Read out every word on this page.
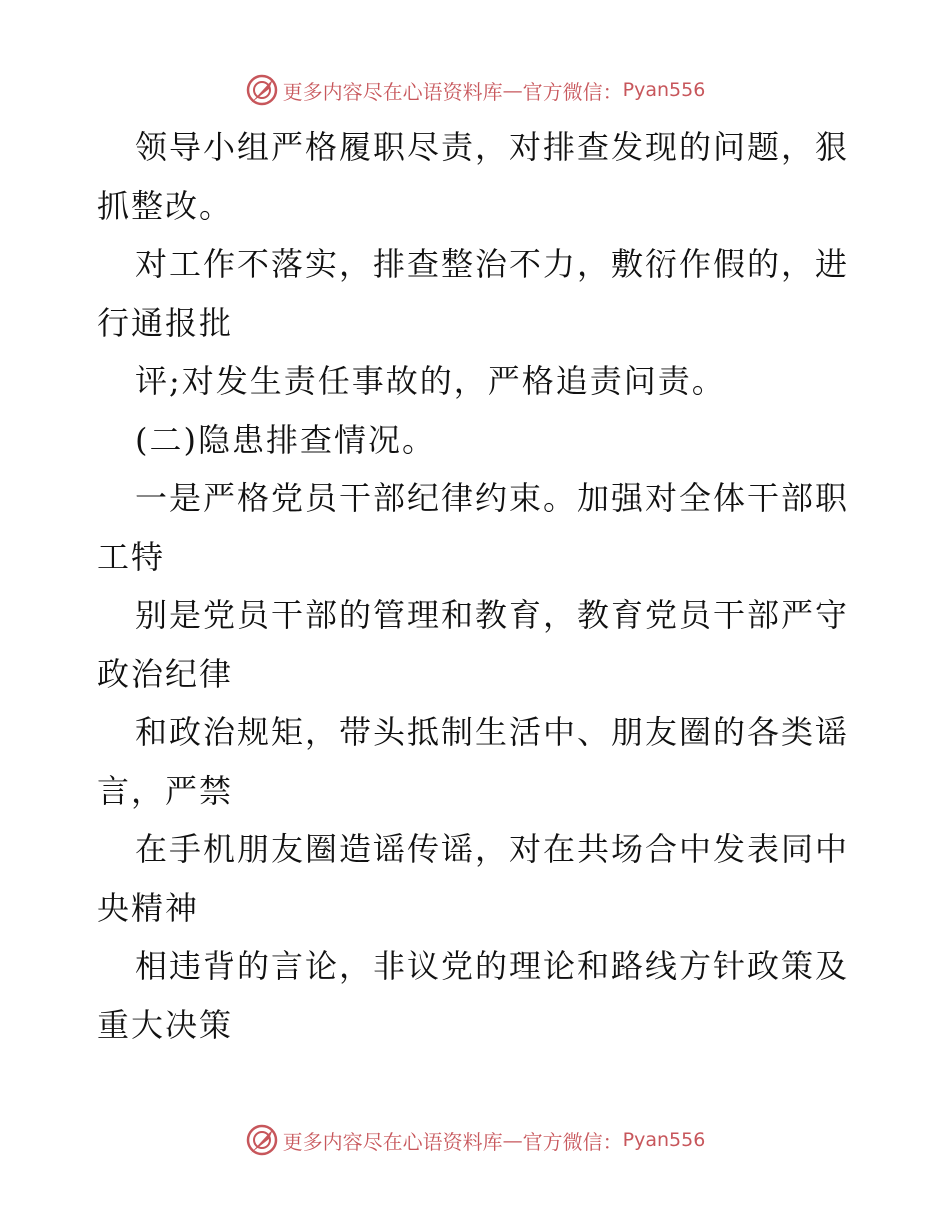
更多内容尽在心语资料库 — 官方微信： Pyan556

领导小组严格履职尽责，对排查发现的问题，狠

抓整改。

对工作不落实，排查整治不力，敷衍作假的，进

行通报批

评;对发生责任事故的，严格追责问责。

(二)隐患排查情况。

一是严格党员干部纪律约束。加强对全体干部职

工特

别是党员干部的管理和教育，教育党员干部严守

政治纪律

和政治规矩，带头抵制生活中、朋友圈的各类谣

言，严禁

在手机朋友圈造谣传谣，对在共场合中发表同中

央精神

相违背的言论，非议党的理论和路线方针政策及

重大决策

更多内容尽在心语资料库 — 官方微信： Pyan556
